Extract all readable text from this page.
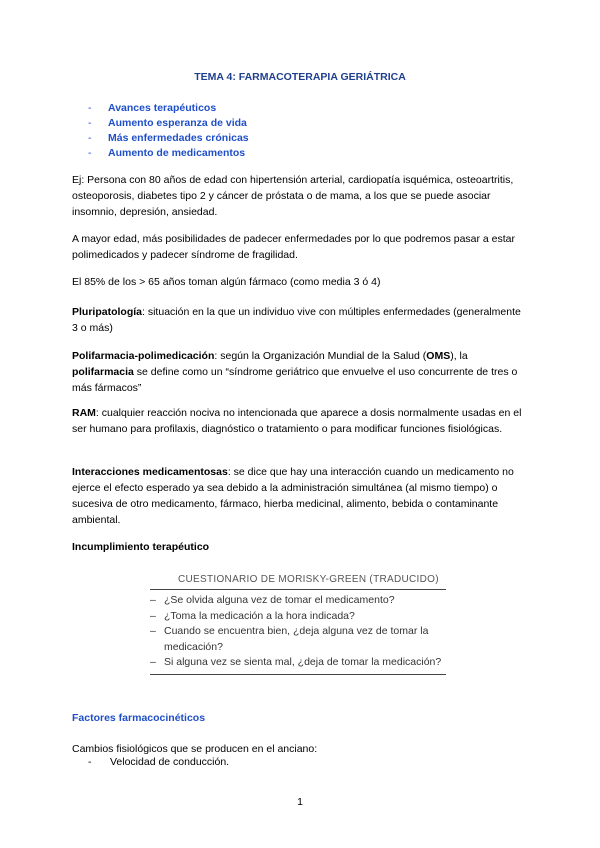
TEMA 4: FARMACOTERAPIA GERIÁTRICA
- Avances terapéuticos
- Aumento esperanza de vida
- Más enfermedades crónicas
- Aumento de medicamentos

Ej: Persona con 80 años de edad con hipertensión arterial, cardiopatía isquémica, osteoartritis, osteoporosis, diabetes tipo 2 y cáncer de próstata o de mama, a los que se puede asociar insomnio, depresión, ansiedad.

A mayor edad, más posibilidades de padecer enfermedades por lo que podremos pasar a estar polimedicados y padecer síndrome de fragilidad.

El 85% de los > 65 años toman algún fármaco (como media 3 ó 4)

Pluripatología: situación en la que un individuo vive con múltiples enfermedades (generalmente 3 o más)

Polifarmacia-polimedicación: según la Organización Mundial de la Salud (OMS), la polifarmacia se define como un “síndrome geriátrico que envuelve el uso concurrente de tres o más fármacos”

RAM: cualquier reacción nociva no intencionada que aparece a dosis normalmente usadas en el ser humano para profilaxis, diagnóstico o tratamiento o para modificar funciones fisiológicas.

Interacciones medicamentosas: se dice que hay una interacción cuando un medicamento no ejerce el efecto esperado ya sea debido a la administración simultánea (al mismo tiempo) o sucesiva de otro medicamento, fármaco, hierba medicinal, alimento, bebida o contaminante ambiental.

Incumplimiento terapéutico
CUESTIONARIO DE MORISKY-GREEN (TRADUCIDO)
– ¿Se olvida alguna vez de tomar el medicamento?
– ¿Toma la medicación a la hora indicada?
– Cuando se encuentra bien, ¿deja alguna vez de tomar la medicación?
– Si alguna vez se sienta mal, ¿deja de tomar la medicación?
Factores farmacocinéticos
Cambios fisiológicos que se producen en el anciano:
- Velocidad de conducción.
1
